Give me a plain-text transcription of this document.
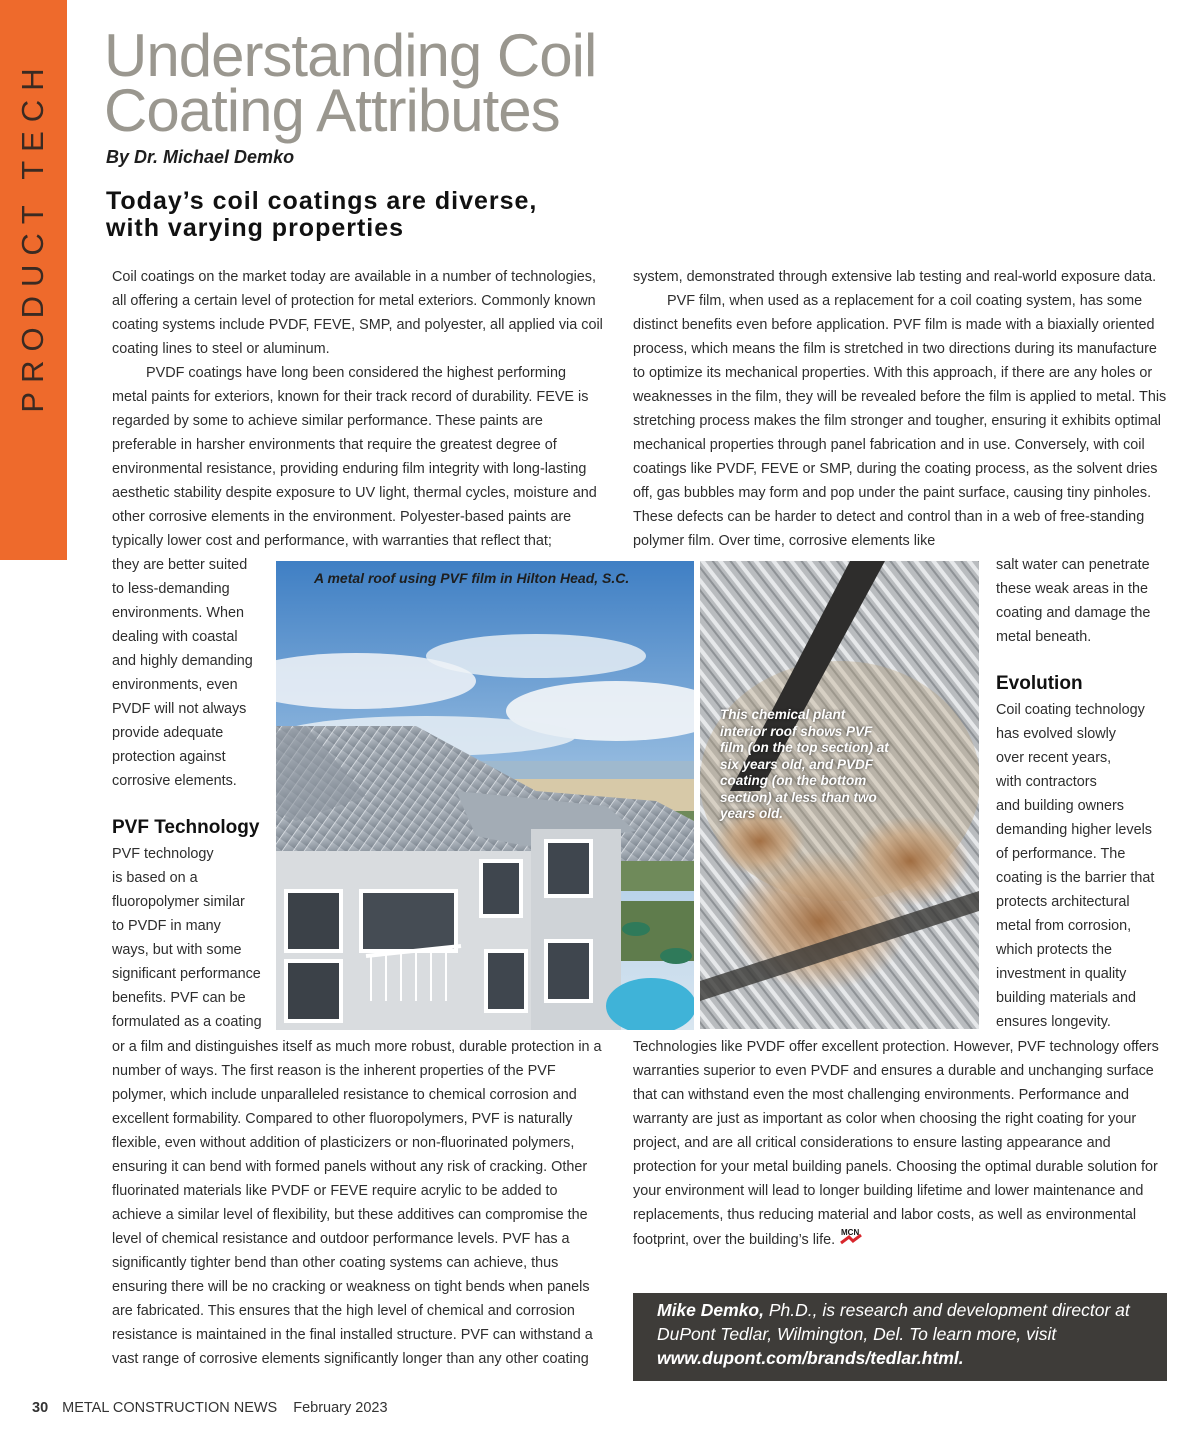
PRODUCT TECH
Understanding Coil
Coating Attributes
By Dr. Michael Demko
Today’s coil coatings are diverse,
with varying properties

Coil coatings on the market today are available in a number of technologies, all offering a certain level of protection for metal exteriors. Commonly known coating systems include PVDF, FEVE, SMP, and polyester, all applied via coil coating lines to steel or aluminum.

PVDF coatings have long been considered the highest performing metal paints for exteriors, known for their track record of durability. FEVE is regarded by some to achieve similar performance. These paints are preferable in harsher environments that require the greatest degree of environmental resistance, providing enduring film integrity with long-lasting aesthetic stability despite exposure to UV light, thermal cycles, moisture and other corrosive elements in the environment. Polyester-based paints are typically lower cost and performance, with warranties that reflect that;

they are better suited
to less-demanding
environments. When
dealing with coastal
and highly demanding
environments, even
PVDF will not always
provide adequate
protection against
corrosive elements.
PVF Technology
PVF technology
is based on a
fluoropolymer similar
to PVDF in many
ways, but with some
significant performance
benefits. PVF can be
formulated as a coating

or a film and distinguishes itself as much more robust, durable protection in a number of ways. The first reason is the inherent properties of the PVF polymer, which include unparalleled resistance to chemical corrosion and excellent formability. Compared to other fluoropolymers, PVF is naturally flexible, even without addition of plasticizers or non-fluorinated polymers, ensuring it can bend with formed panels without any risk of cracking. Other fluorinated materials like PVDF or FEVE require acrylic to be added to achieve a similar level of flexibility, but these additives can compromise the level of chemical resistance and outdoor performance levels. PVF has a significantly tighter bend than other coating systems can achieve, thus ensuring there will be no cracking or weakness on tight bends when panels are fabricated. This ensures that the high level of chemical and corrosion resistance is maintained in the final installed structure. PVF can withstand a vast range of corrosive elements significantly longer than any other coating

system, demonstrated through extensive lab testing and real-world exposure data.

PVF film, when used as a replacement for a coil coating system, has some distinct benefits even before application. PVF film is made with a biaxially oriented process, which means the film is stretched in two directions during its manufacture to optimize its mechanical properties. With this approach, if there are any holes or weaknesses in the film, they will be revealed before the film is applied to metal. This stretching process makes the film stronger and tougher, ensuring it exhibits optimal mechanical properties through panel fabrication and in use. Conversely, with coil coatings like PVDF, FEVE or SMP, during the coating process, as the solvent dries off, gas bubbles may form and pop under the paint surface, causing tiny pinholes. These defects can be harder to detect and control than in a web of free-standing polymer film. Over time, corrosive elements like

salt water can penetrate
these weak areas in the
coating and damage the
metal beneath.
Evolution
Coil coating technology
has evolved slowly
over recent years,
with contractors
and building owners
demanding higher levels
of performance. The
coating is the barrier that
protects architectural
metal from corrosion,
which protects the
investment in quality
building materials and
ensures longevity.

Technologies like PVDF offer excellent protection. However, PVF technology offers warranties superior to even PVDF and ensures a durable and unchanging surface that can withstand even the most challenging environments. Performance and warranty are just as important as color when choosing the right coating for your project, and are all critical considerations to ensure lasting appearance and protection for your metal building panels. Choosing the optimal durable solution for your environment will lead to longer building lifetime and lower maintenance and replacements, thus reducing material and labor costs, as well as environmental footprint, over the building’s life. MCN

A metal roof using PVF film in Hilton Head, S.C.
This chemical plant interior roof shows PVF film (on the top section) at six years old, and PVDF coating (on the bottom section) at less than two years old.
Mike Demko, Ph.D., is research and development director at DuPont Tedlar, Wilmington, Del. To learn more, visit www.dupont.com/brands/tedlar.html.
30 METAL CONSTRUCTION NEWS February 2023
